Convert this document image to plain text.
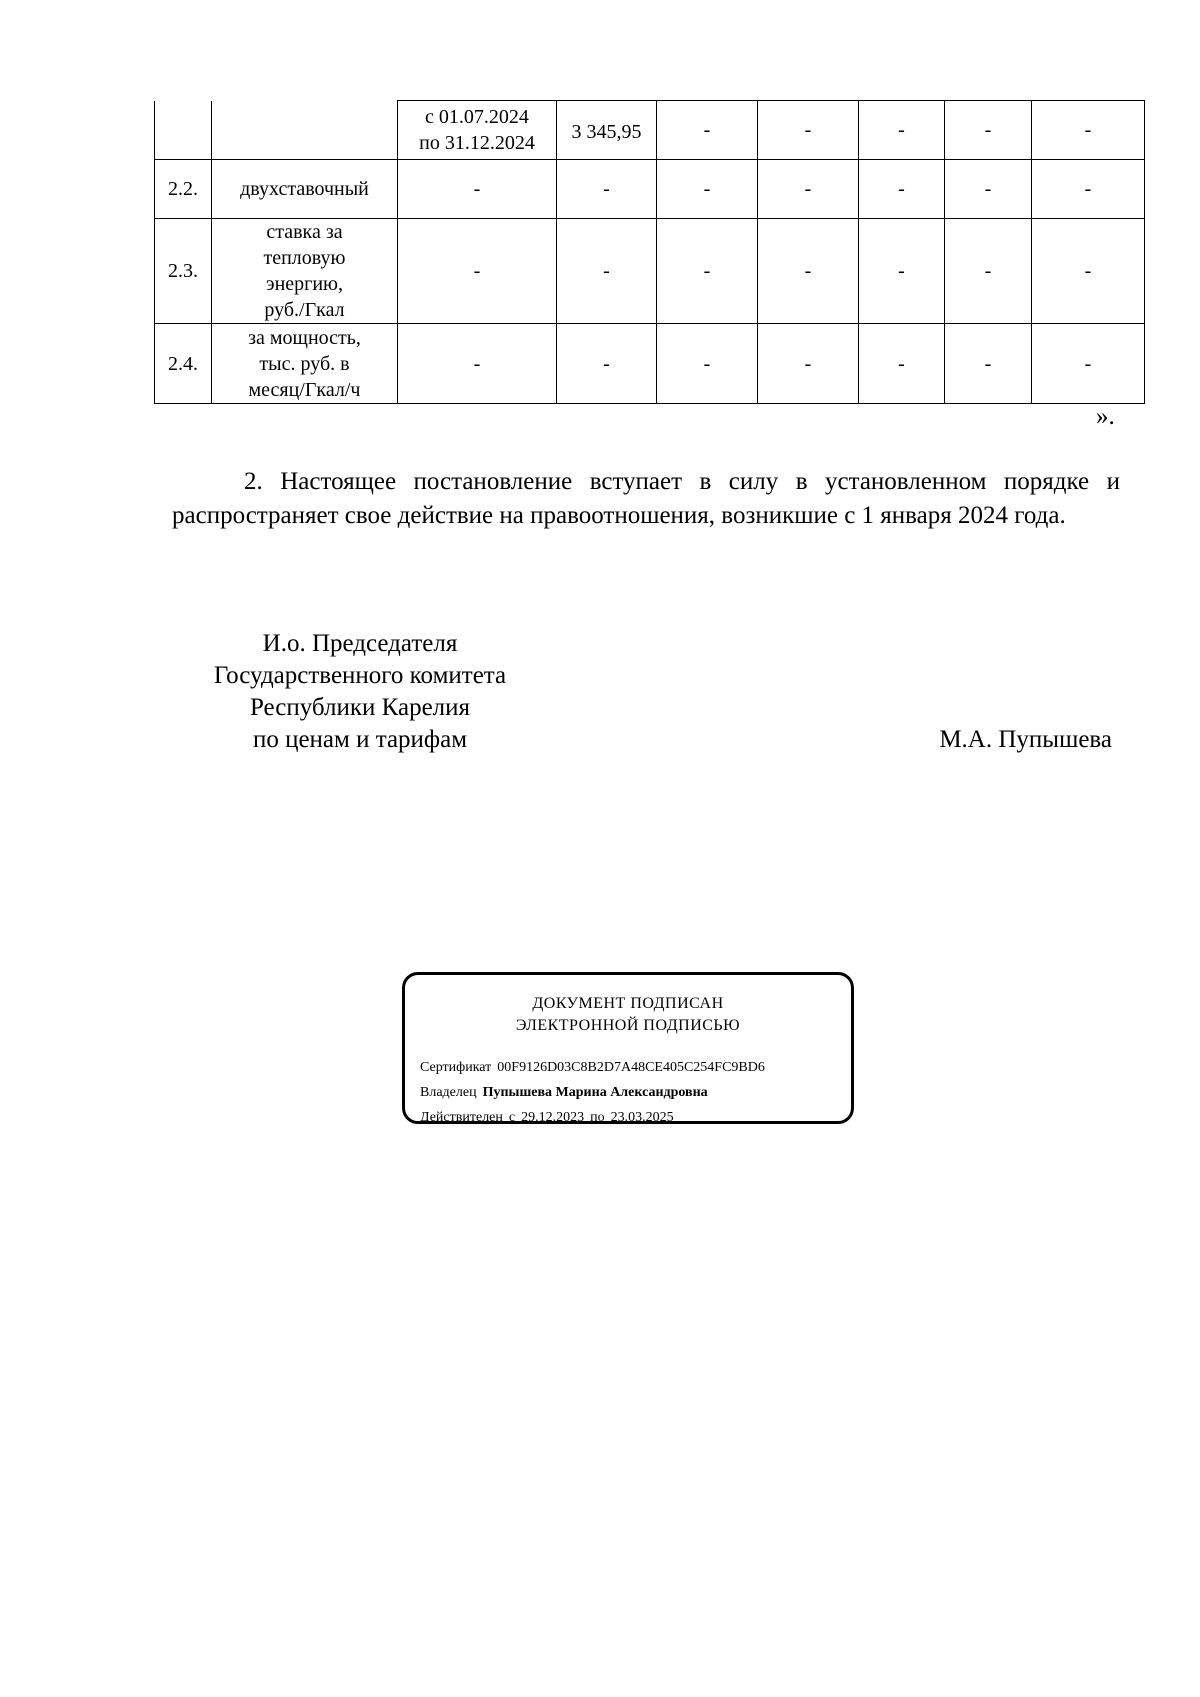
		с 01.07.2024
по 31.12.2024	3 345,95	-	-	-	-	-

2.2.	двухставочный	-	-	-	-	-	-	-

2.3.	ставка за
тепловую
энергию,
руб./Гкал	-	-	-	-	-	-	-

2.4.	за мощность,
тыс. руб. в
месяц/Гкал/ч	-	-	-	-	-	-	-
».
2. Настоящее постановление вступает в силу в установленном порядке и распространяет свое действие на правоотношения, возникшие с 1 января 2024 года.
И.о. Председателя
Государственного комитета
Республики Карелия
по ценам и тарифам	М.А. Пупышева
ДОКУМЕНТ ПОДПИСАН
ЭЛЕКТРОННОЙ ПОДПИСЬЮ
Сертификат 00F9126D03C8B2D7A48CE405C254FC9BD6
Владелец Пупышева Марина Александровна
Действителен с 29.12.2023 по 23.03.2025
